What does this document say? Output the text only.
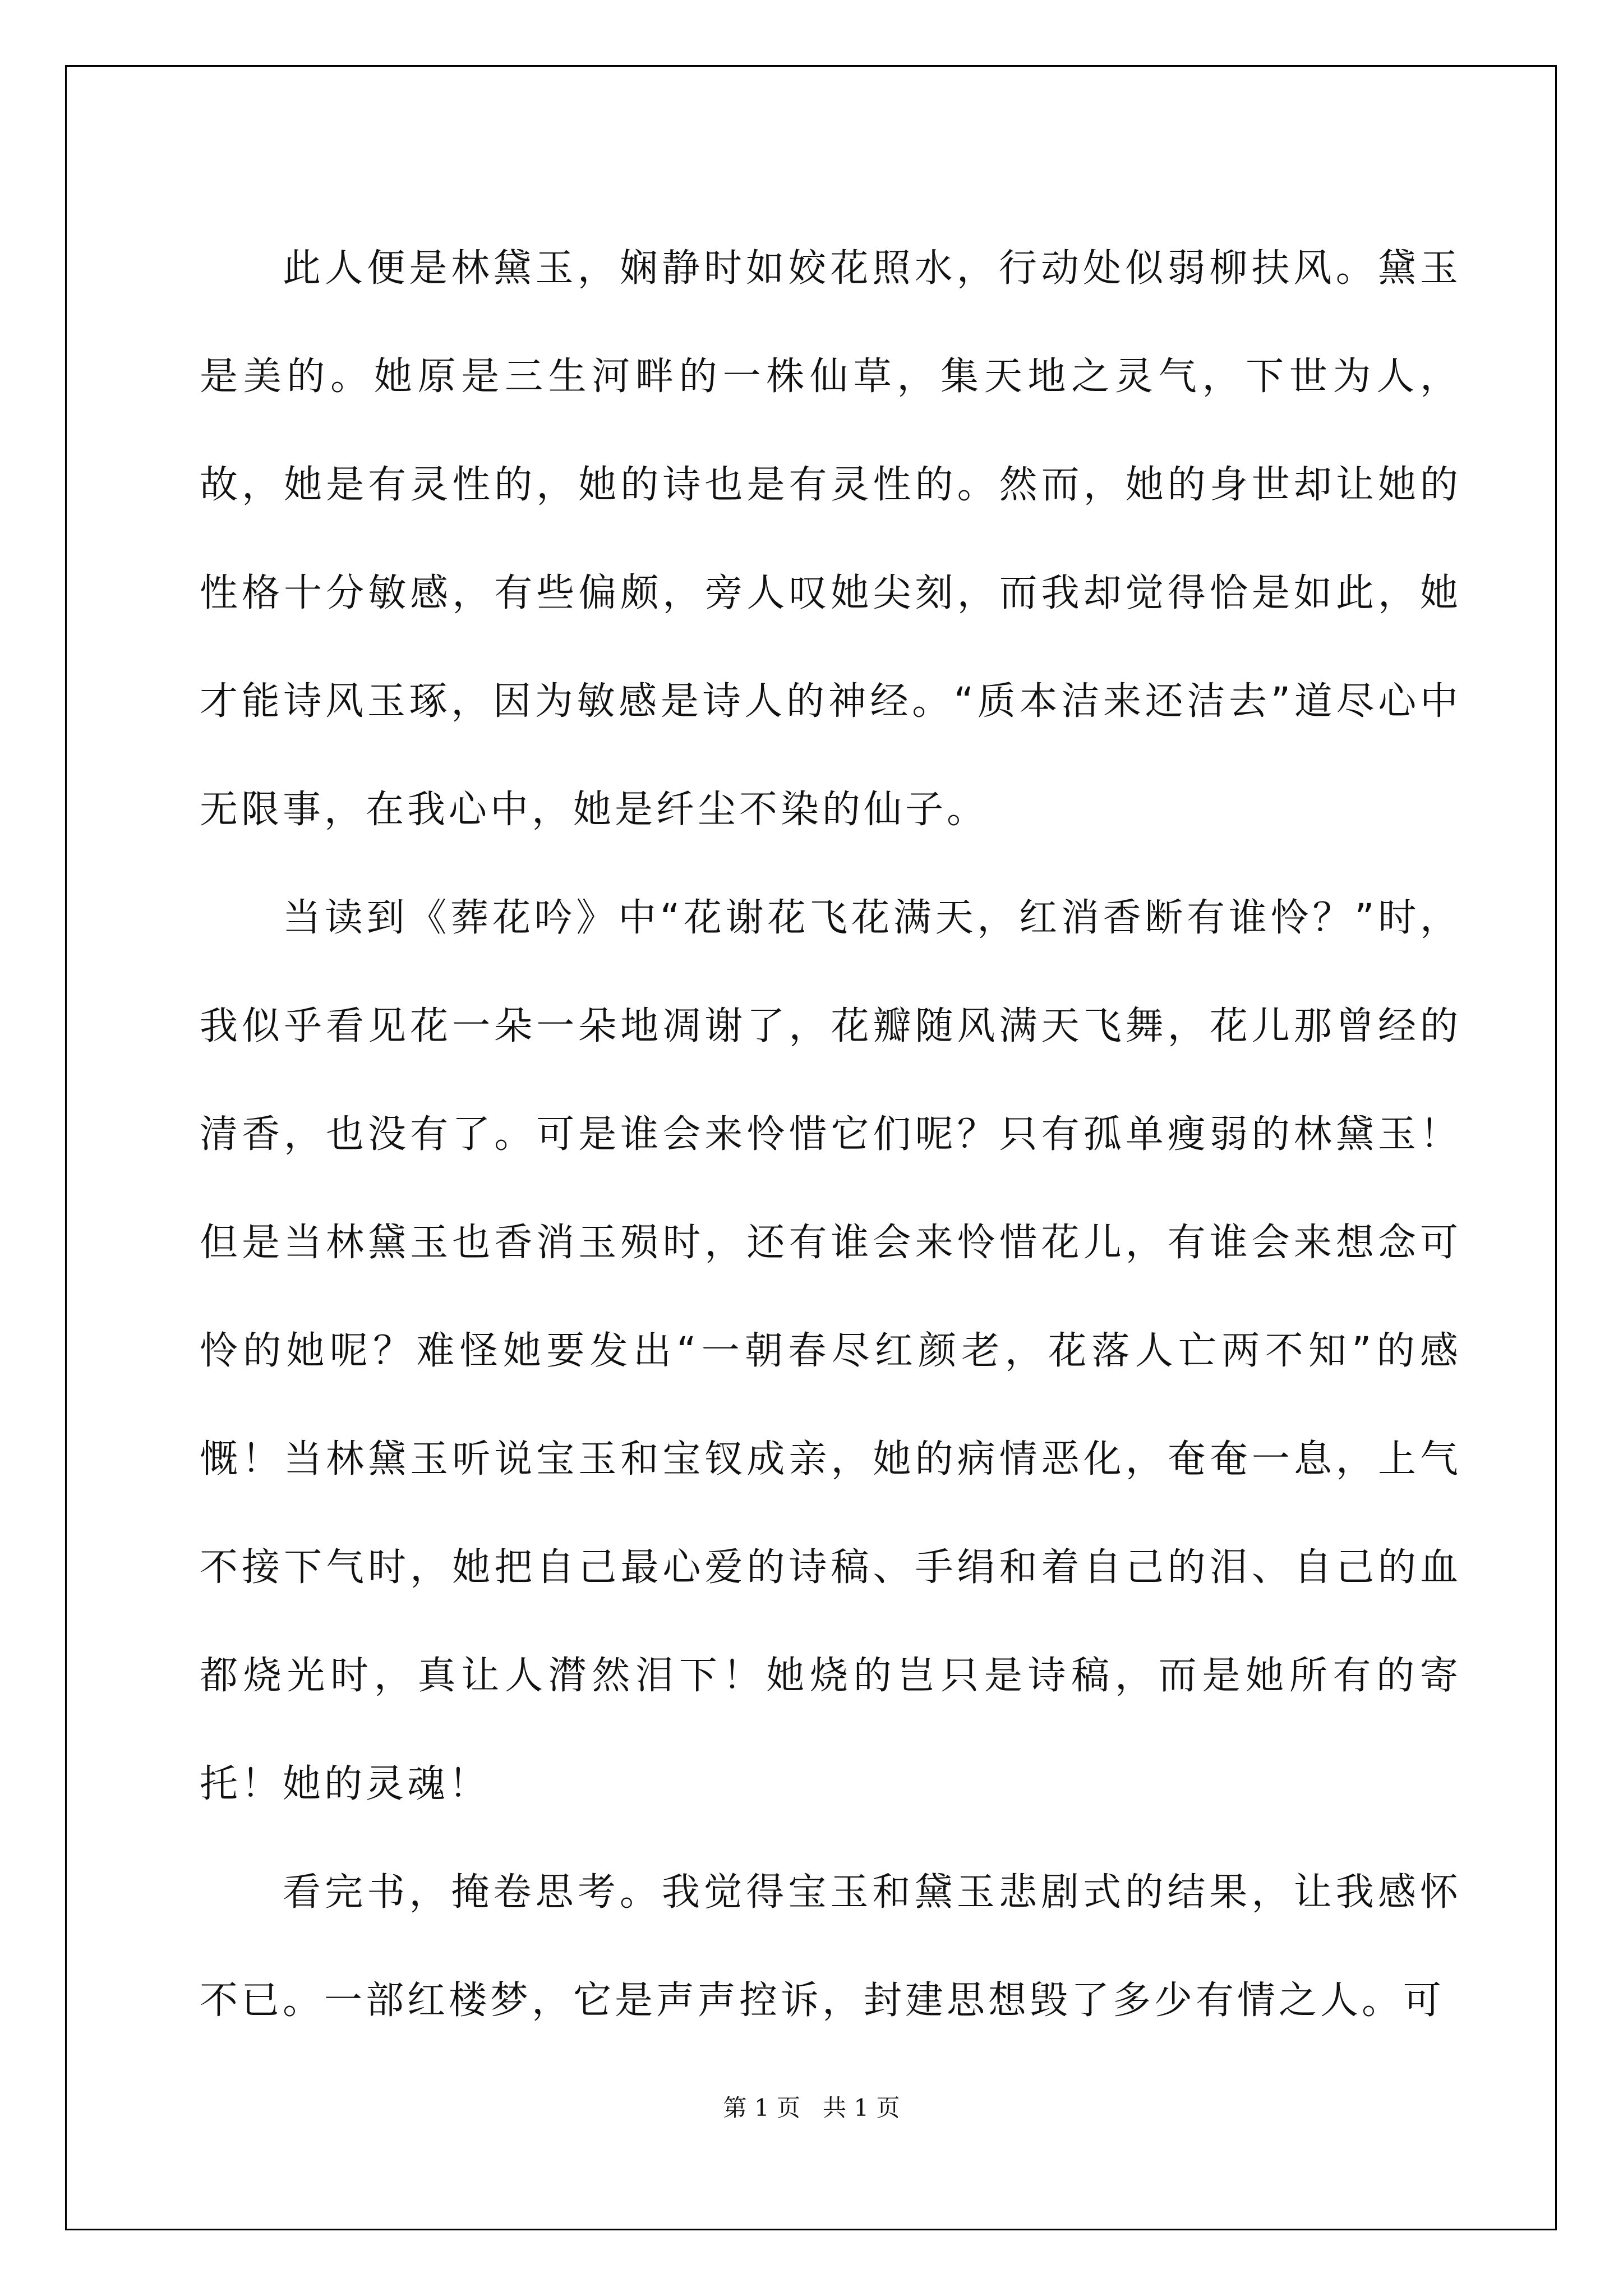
此人便是林黛玉，娴静时如姣花照水，行动处似弱柳扶风。黛玉是美的。她原是三生河畔的一株仙草，集天地之灵气，下世为人，故，她是有灵性的，她的诗也是有灵性的。然而，她的身世却让她的性格十分敏感，有些偏颇，旁人叹她尖刻，而我却觉得恰是如此，她才能诗风玉琢，因为敏感是诗人的神经。“质本洁来还洁去”道尽心中无限事，在我心中，她是纤尘不染的仙子。

当读到《葬花吟》中“花谢花飞花满天，红消香断有谁怜？”时，我似乎看见花一朵一朵地凋谢了，花瓣随风满天飞舞，花儿那曾经的清香，也没有了。可是谁会来怜惜它们呢？只有孤单瘦弱的林黛玉！但是当林黛玉也香消玉殒时，还有谁会来怜惜花儿，有谁会来想念可怜的她呢？难怪她要发出“一朝春尽红颜老，花落人亡两不知”的感慨！当林黛玉听说宝玉和宝钗成亲，她的病情恶化，奄奄一息，上气不接下气时，她把自己最心爱的诗稿、手绢和着自己的泪、自己的血都烧光时，真让人潸然泪下！她烧的岂只是诗稿，而是她所有的寄托！她的灵魂！

看完书，掩卷思考。我觉得宝玉和黛玉悲剧式的结果，让我感怀不已。一部红楼梦，它是声声控诉，封建思想毁了多少有情之人。可

第 1 页   共 1 页
